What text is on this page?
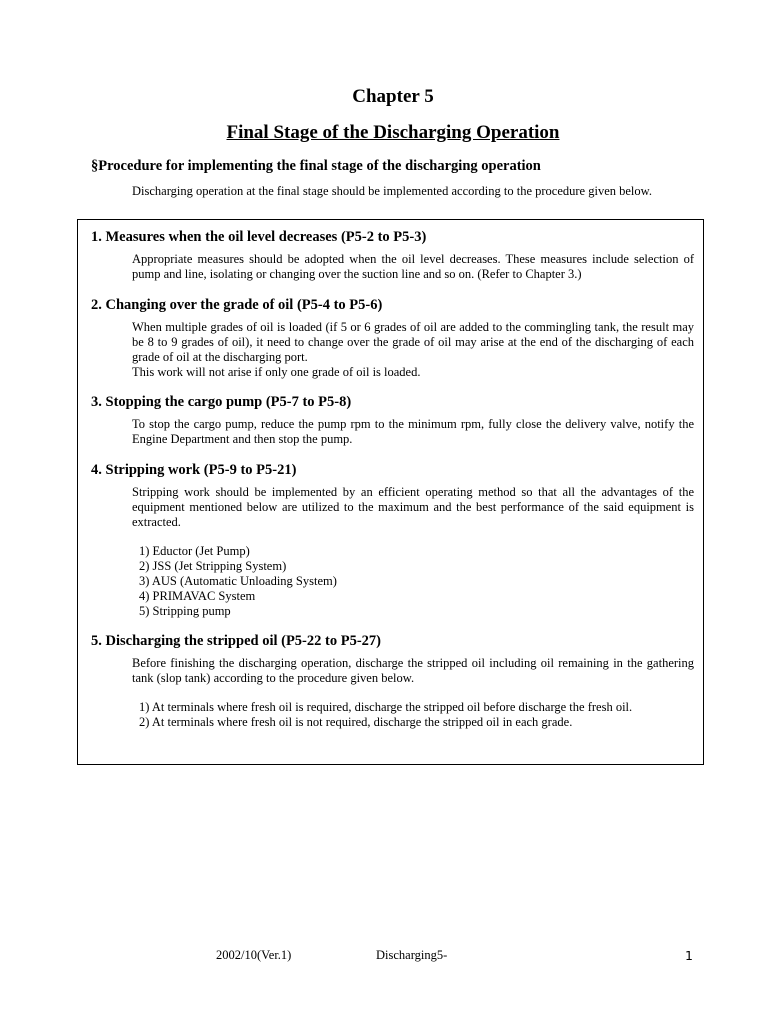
Chapter 5
Final Stage of the Discharging Operation
§Procedure for implementing the final stage of the discharging operation

Discharging operation at the final stage should be implemented according to the procedure given below.

1. Measures when the oil level decreases (P5-2 to P5-3)

Appropriate measures should be adopted when the oil level decreases. These measures include selection of pump and line, isolating or changing over the suction line and so on. (Refer to Chapter 3.)

2. Changing over the grade of oil (P5-4 to P5-6)

When multiple grades of oil is loaded (if 5 or 6 grades of oil are added to the commingling tank, the result may be 8 to 9 grades of oil), it need to change over the grade of oil may arise at the end of the discharging of each grade of oil at the discharging port.

This work will not arise if only one grade of oil is loaded.

3. Stopping the cargo pump (P5-7 to P5-8)

To stop the cargo pump, reduce the pump rpm to the minimum rpm, fully close the delivery valve, notify the Engine Department and then stop the pump.

4. Stripping work (P5-9 to P5-21)

Stripping work should be implemented by an efficient operating method so that all the advantages of the equipment mentioned below are utilized to the maximum and the best performance of the said equipment is extracted.

1) Eductor (Jet Pump)
2) JSS (Jet Stripping System)
3) AUS (Automatic Unloading System)
4) PRIMAVAC System
5) Stripping pump
5. Discharging the stripped oil (P5-22 to P5-27)

Before finishing the discharging operation, discharge the stripped oil including oil remaining in the gathering tank (slop tank) according to the procedure given below.

1) At terminals where fresh oil is required, discharge the stripped oil before discharge the fresh oil.
2) At terminals where fresh oil is not required, discharge the stripped oil in each grade.
2002/10(Ver.1)	Discharging5-	1
